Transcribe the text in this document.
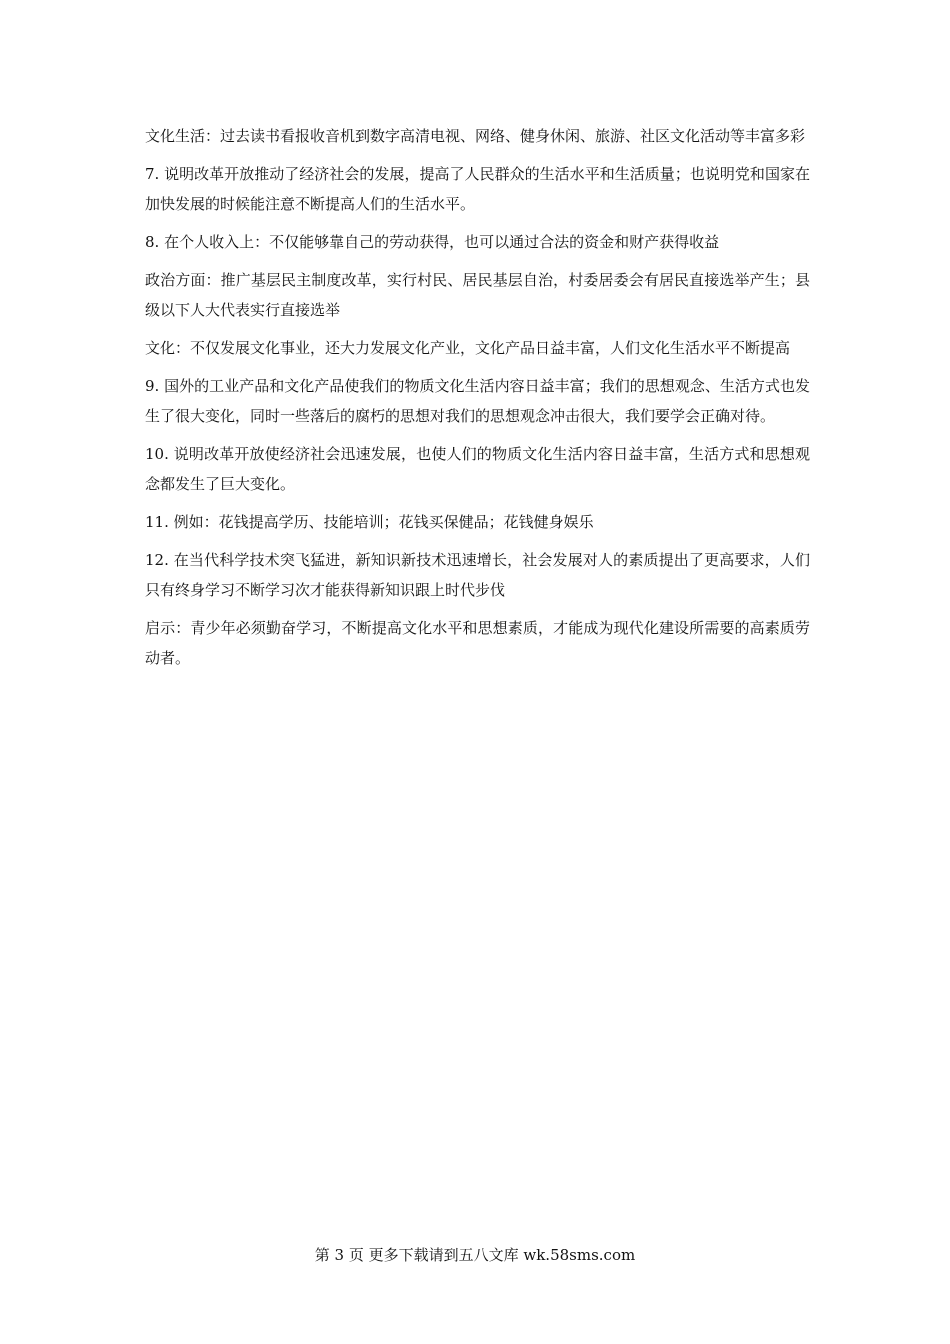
文化生活：过去读书看报收音机到数字高清电视、网络、健身休闲、旅游、社区文化活动等丰富多彩

7. 说明改革开放推动了经济社会的发展，提高了人民群众的生活水平和生活质量；也说明党和国家在加快发展的时候能注意不断提高人们的生活水平。

8. 在个人收入上：不仅能够靠自己的劳动获得，也可以通过合法的资金和财产获得收益

政治方面：推广基层民主制度改革，实行村民、居民基层自治，村委居委会有居民直接选举产生；县级以下人大代表实行直接选举

文化：不仅发展文化事业，还大力发展文化产业，文化产品日益丰富，人们文化生活水平不断提高

9. 国外的工业产品和文化产品使我们的物质文化生活内容日益丰富；我们的思想观念、生活方式也发生了很大变化，同时一些落后的腐朽的思想对我们的思想观念冲击很大，我们要学会正确对待。

10. 说明改革开放使经济社会迅速发展，也使人们的物质文化生活内容日益丰富，生活方式和思想观念都发生了巨大变化。

11. 例如：花钱提高学历、技能培训；花钱买保健品；花钱健身娱乐

12. 在当代科学技术突飞猛进，新知识新技术迅速增长，社会发展对人的素质提出了更高要求，人们只有终身学习不断学习次才能获得新知识跟上时代步伐

启示：青少年必须勤奋学习，不断提高文化水平和思想素质，才能成为现代化建设所需要的高素质劳动者。

第 3 页 更多下载请到五八文库 wk.58sms.com
